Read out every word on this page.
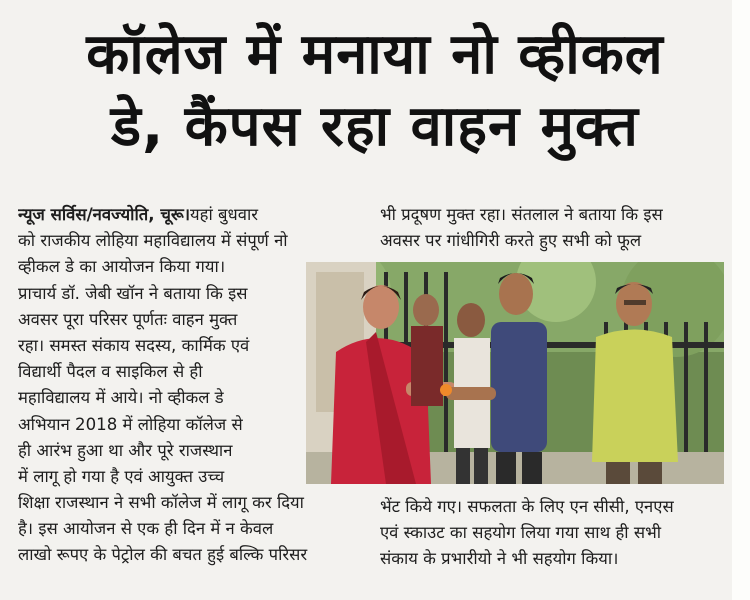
कॉलेज में मनाया नो व्हीकल
डे, कैंपस रहा वाहन मुक्त
न्यूज सर्विस/नवज्योति, चूरू।यहां बुधवार
को राजकीय लोहिया महाविद्यालय में संपूर्ण नो
व्हीकल डे का आयोजन किया गया।
प्राचार्य डॉ. जेबी खॉन ने बताया कि इस
अवसर पूरा परिसर पूर्णतः वाहन मुक्त
रहा। समस्त संकाय सदस्य, कार्मिक एवं
विद्यार्थी पैदल व साइकिल से ही
महाविद्यालय में आये। नो व्हीकल डे
अभियान 2018 में लोहिया कॉलेज से
ही आरंभ हुआ था और पूरे राजस्थान
में लागू हो गया है एवं आयुक्त उच्च
शिक्षा राजस्थान ने सभी कॉलेज में लागू कर दिया
है। इस आयोजन से एक ही दिन में न केवल
लाखो रूपए के पेट्रोल की बचत हुई बल्कि परिसर
भी प्रदूषण मुक्त रहा। संतलाल ने बताया कि इस
अवसर पर गांधीगिरी करते हुए सभी को फूल
भेंट किये गए। सफलता के लिए एन सीसी, एनएस
एवं स्काउट का सहयोग लिया गया साथ ही सभी
संकाय के प्रभारीयो ने भी सहयोग किया।
